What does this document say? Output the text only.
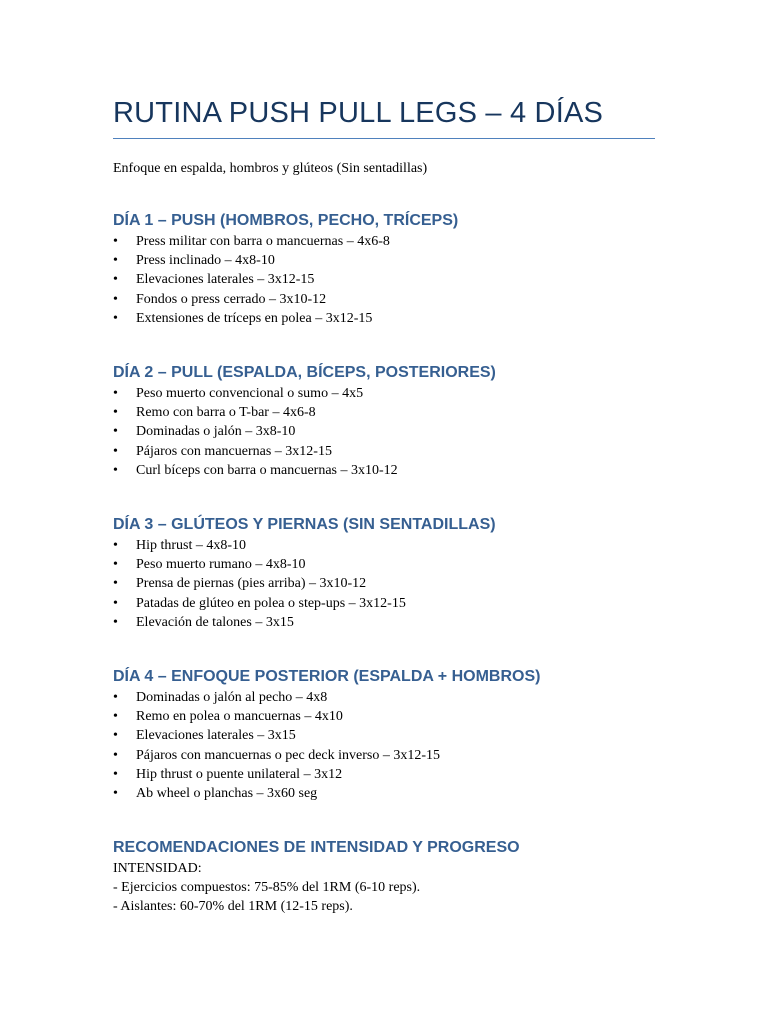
RUTINA PUSH PULL LEGS – 4 DÍAS
Enfoque en espalda, hombros y glúteos (Sin sentadillas)
DÍA 1 – PUSH (HOMBROS, PECHO, TRÍCEPS)
•	Press militar con barra o mancuernas – 4x6-8
•	Press inclinado – 4x8-10
•	Elevaciones laterales – 3x12-15
•	Fondos o press cerrado – 3x10-12
•	Extensiones de tríceps en polea – 3x12-15
DÍA 2 – PULL (ESPALDA, BÍCEPS, POSTERIORES)
•	Peso muerto convencional o sumo – 4x5
•	Remo con barra o T-bar – 4x6-8
•	Dominadas o jalón – 3x8-10
•	Pájaros con mancuernas – 3x12-15
•	Curl bíceps con barra o mancuernas – 3x10-12
DÍA 3 – GLÚTEOS Y PIERNAS (SIN SENTADILLAS)
•	Hip thrust – 4x8-10
•	Peso muerto rumano – 4x8-10
•	Prensa de piernas (pies arriba) – 3x10-12
•	Patadas de glúteo en polea o step-ups – 3x12-15
•	Elevación de talones – 3x15
DÍA 4 – ENFOQUE POSTERIOR (ESPALDA + HOMBROS)
•	Dominadas o jalón al pecho – 4x8
•	Remo en polea o mancuernas – 4x10
•	Elevaciones laterales – 3x15
•	Pájaros con mancuernas o pec deck inverso – 3x12-15
•	Hip thrust o puente unilateral – 3x12
•	Ab wheel o planchas – 3x60 seg
RECOMENDACIONES DE INTENSIDAD Y PROGRESO
INTENSIDAD:
- Ejercicios compuestos: 75-85% del 1RM (6-10 reps).
- Aislantes: 60-70% del 1RM (12-15 reps).
